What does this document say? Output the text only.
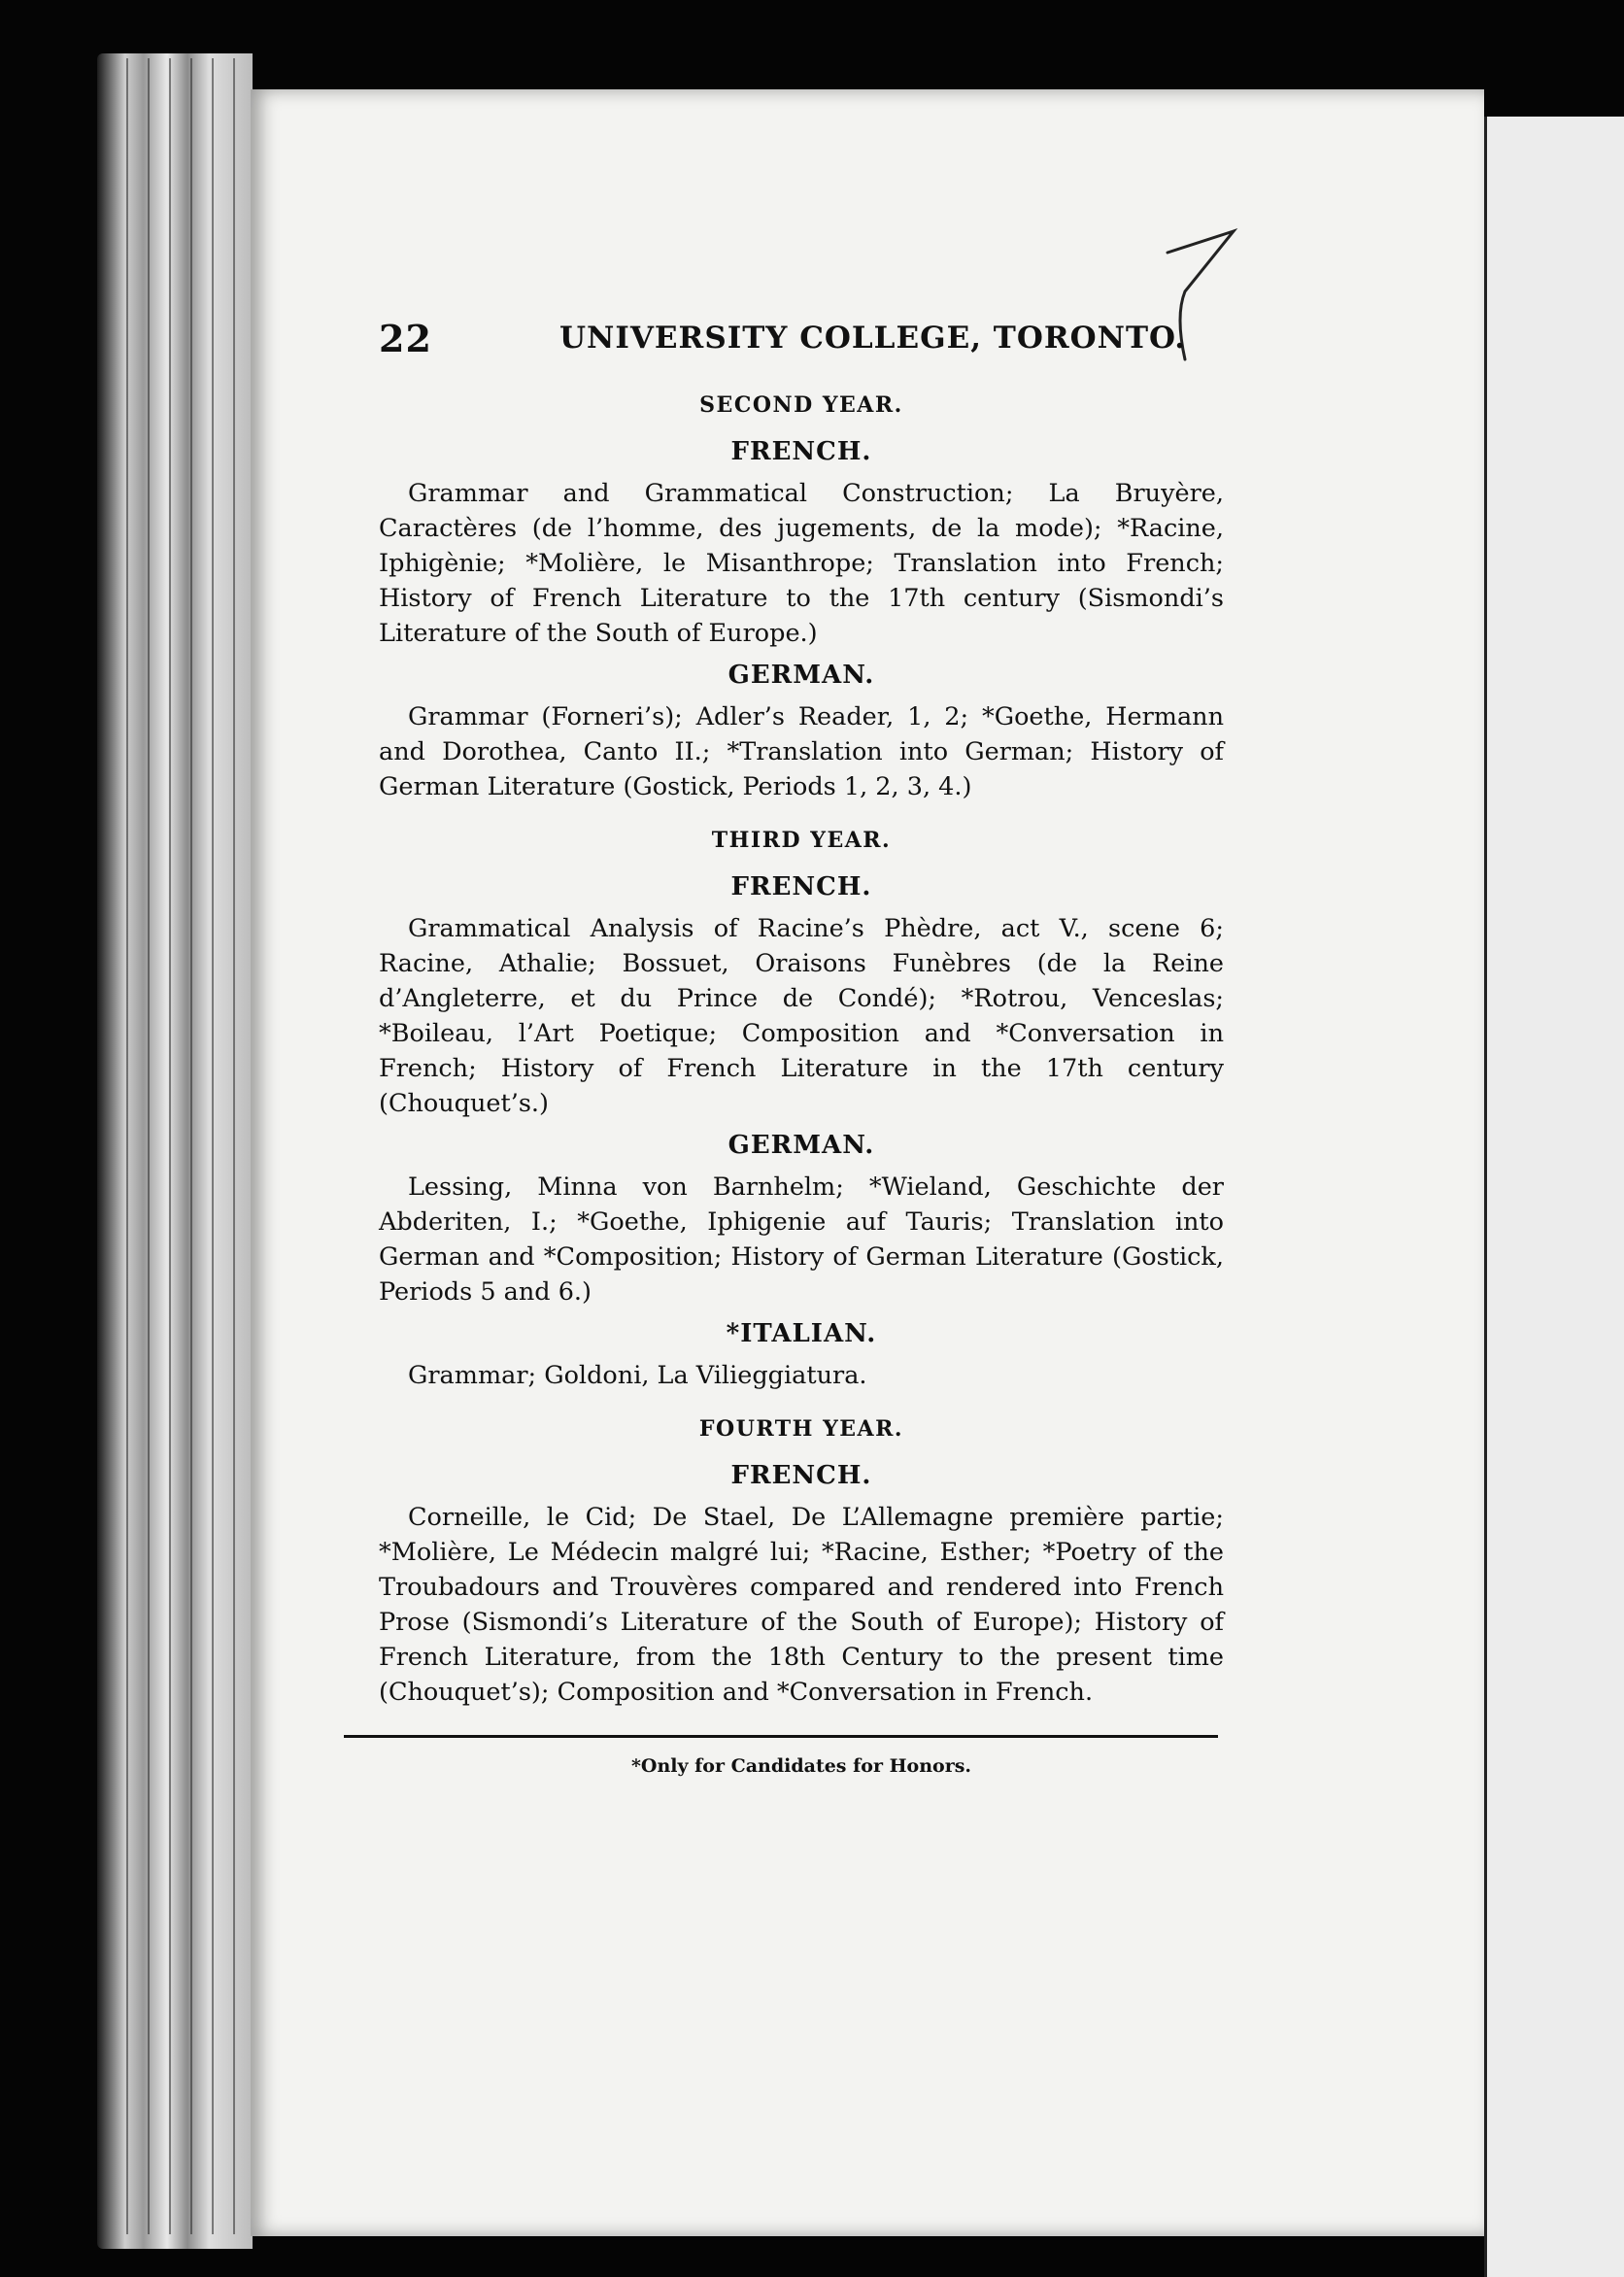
22	UNIVERSITY COLLEGE, TORONTO.
SECOND YEAR.
FRENCH.

Grammar and Grammatical Construction; La Bruyère, Caractères (de l’homme, des jugements, de la mode); *Racine, Iphigènie; *Molière, le Misanthrope; Translation into French; History of French Literature to the 17th century (Sismondi’s Literature of the South of Europe.)

GERMAN.

Grammar (Forneri’s); Adler’s Reader, 1, 2; *Goethe, Hermann and Dorothea, Canto II.; *Translation into German; History of German Literature (Gostick, Periods 1, 2, 3, 4.)

THIRD YEAR.
FRENCH.

Grammatical Analysis of Racine’s Phèdre, act V., scene 6; Racine, Athalie; Bossuet, Oraisons Funèbres (de la Reine d’Angleterre, et du Prince de Condé); *Rotrou, Venceslas; *Boileau, l’Art Poetique; Composition and *Conversation in French; History of French Literature in the 17th century (Chouquet’s.)

GERMAN.

Lessing, Minna von Barnhelm; *Wieland, Geschichte der Abderiten, I.; *Goethe, Iphigenie auf Tauris; Translation into German and *Composition; History of German Literature (Gostick, Periods 5 and 6.)

*ITALIAN.

Grammar; Goldoni, La Vilieggiatura.

FOURTH YEAR.
FRENCH.

Corneille, le Cid; De Stael, De L’Allemagne première partie; *Molière, Le Médecin malgré lui; *Racine, Esther; *Poetry of the Troubadours and Trouvères compared and rendered into French Prose (Sismondi’s Literature of the South of Europe); History of French Literature, from the 18th Century to the present time (Chouquet’s); Composition and *Conversation in French.

*Only for Candidates for Honors.
